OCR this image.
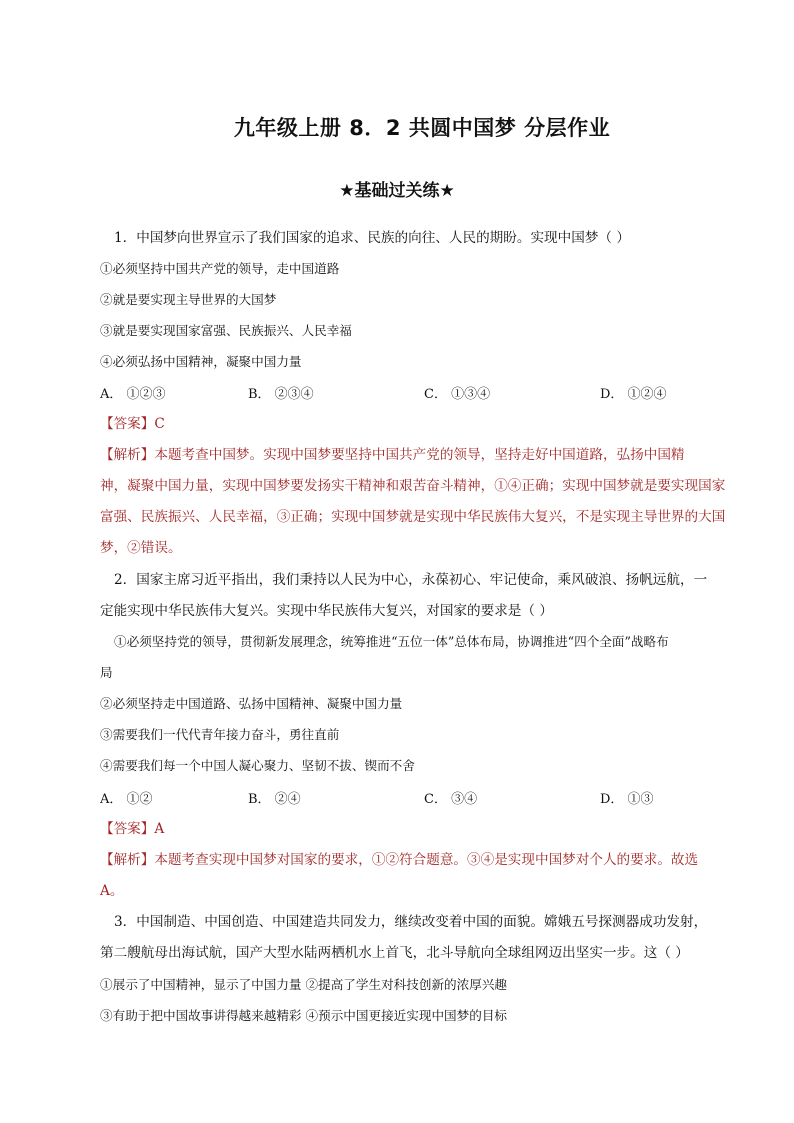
九年级上册 8．2 共圆中国梦 分层作业
★基础过关练★
1．中国梦向世界宣示了我们国家的追求、民族的向往、人民的期盼。实现中国梦（ ）
①必须坚持中国共产党的领导，走中国道路
②就是要实现主导世界的大国梦
③就是要实现国家富强、民族振兴、人民幸福
④必须弘扬中国精神，凝聚中国力量
A． ①②③	B． ②③④	C． ①③④	D． ①②④
【答案】C
【解析】本题考查中国梦。实现中国梦要坚持中国共产党的领导，坚持走好中国道路，弘扬中国精
神，凝聚中国力量，实现中国梦要发扬实干精神和艰苦奋斗精神，①④正确；实现中国梦就是要实现国家
富强、民族振兴、人民幸福，③正确；实现中国梦就是实现中华民族伟大复兴，不是实现主导世界的大国
梦，②错误。
2．国家主席习近平指出，我们秉持以人民为中心，永葆初心、牢记使命，乘风破浪、扬帆远航，一
定能实现中华民族伟大复兴。实现中华民族伟大复兴，对国家的要求是（ ）
①必须坚持党的领导，贯彻新发展理念，统筹推进“五位一体”总体布局，协调推进“四个全面”战略布
局
②必须坚持走中国道路、弘扬中国精神、凝聚中国力量
③需要我们一代代青年接力奋斗，勇往直前
④需要我们每一个中国人凝心聚力、坚韧不拔、锲而不舍
A． ①②	B． ②④	C． ③④	D． ①③
【答案】A
【解析】本题考查实现中国梦对国家的要求，①②符合题意。③④是实现中国梦对个人的要求。故选
A。
3．中国制造、中国创造、中国建造共同发力，继续改变着中国的面貌。嫦娥五号探测器成功发射，
第二艘航母出海试航，国产大型水陆两栖机水上首飞，北斗导航向全球组网迈出坚实一步。这（ ）
①展示了中国精神，显示了中国力量 ②提高了学生对科技创新的浓厚兴趣
③有助于把中国故事讲得越来越精彩 ④预示中国更接近实现中国梦的目标
